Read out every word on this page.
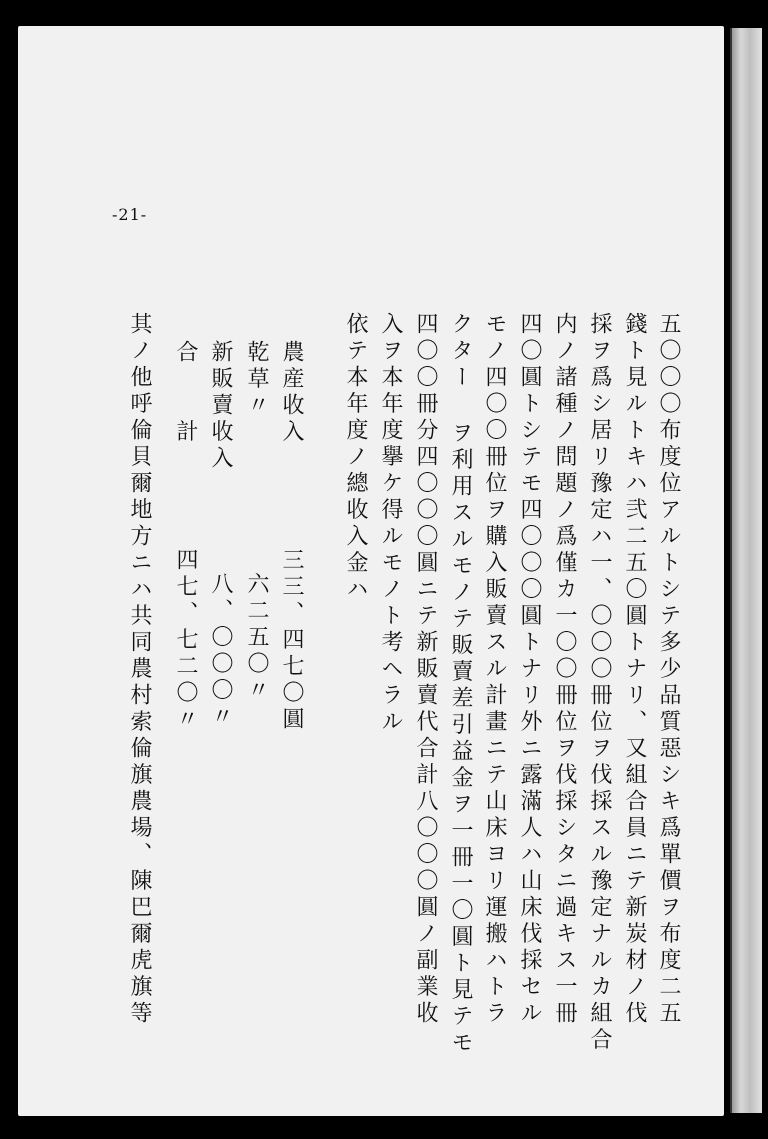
-21-
五〇〇〇布度位アルトシテ多少品質惡シキ爲單價ヲ布度二五
錢ト見ルトキハ弐二五〇圓トナリ、又組合員ニテ新炭材ノ伐
採ヲ爲シ居リ豫定ハ一、〇〇〇冊位ヲ伐採スル豫定ナルカ組合
内ノ諸種ノ問題ノ爲僅カ一〇〇冊位ヲ伐採シタニ過キス一冊
四〇圓トシテモ四〇〇〇圓トナリ外ニ露滿人ハ山床伐採セル
モノ四〇〇冊位ヲ購入販賣スル計畫ニテ山床ヨリ運搬ハトラ
クター ヲ利用スルモノテ販賣差引益金ヲ一冊一〇圓ト見テモ
四〇〇冊分四〇〇〇圓ニテ新販賣代合計八〇〇〇圓ノ副業收
入ヲ本年度擧ケ得ルモノト考ヘラル
依テ本年度ノ總收入金ハ
農産收入
三三、四七〇圓
乾草〃
六二五〇〃
新販賣收入
八、〇〇〇〃
合　　計
四七、七二〇〃
其ノ他呼倫貝爾地方ニハ共同農村索倫旗農場、陳巴爾虎旗等
